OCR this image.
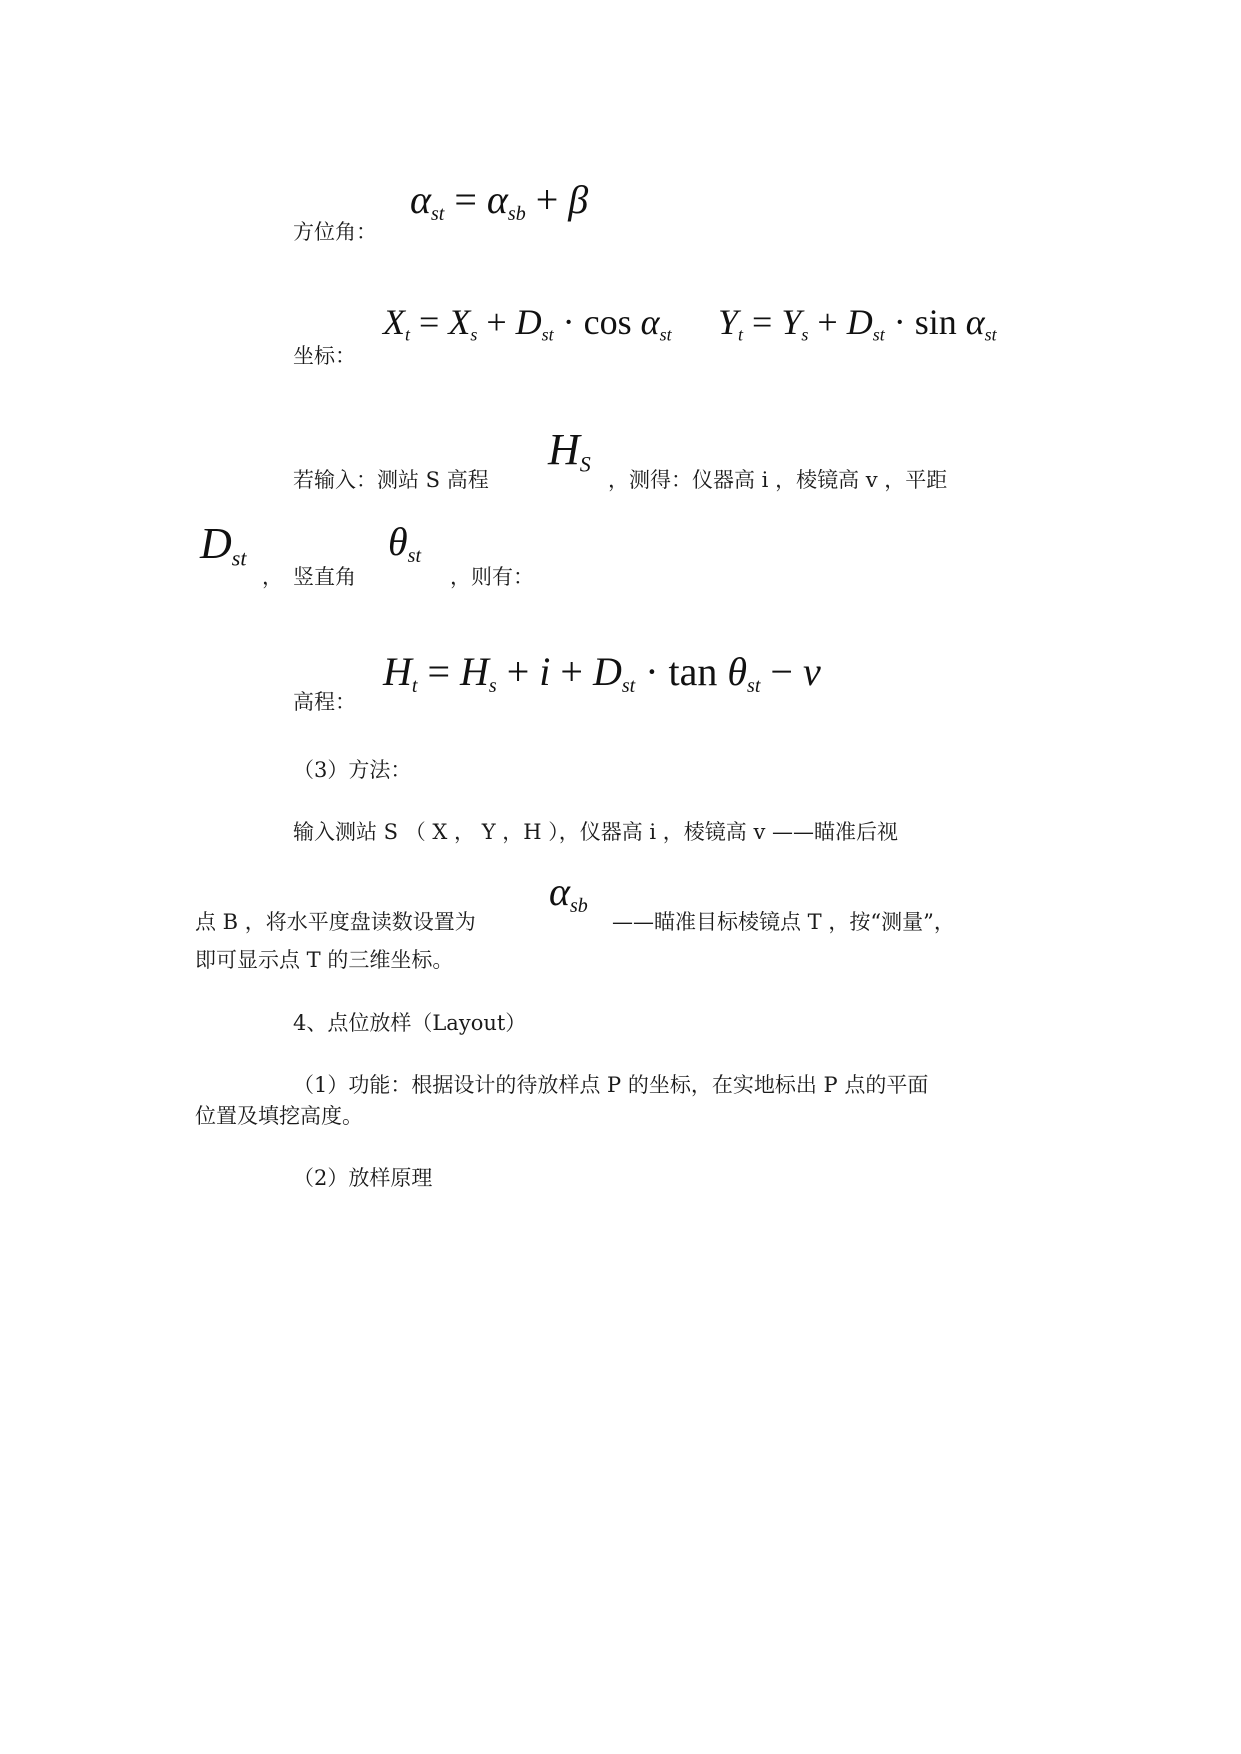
方位角：
$\alpha_{st} = \alpha_{sb} + \beta$
坐标：
$X_t = X_s + D_{st} \cdot \cos \alpha_{st}$ $Y_t = Y_s + D_{st} \cdot \sin \alpha_{st}$
若输入：测站 S 高程
$H_S$
，测得：仪器高 i ，棱镜高 v ，平距
$D_{st}$
， 竖直角
$\theta_{st}$
，则有：
高程：
$H_t = H_s + i + D_{st} \cdot \tan \theta_{st} - v$
（3）方法：
输入测站 S （ X ， Y ，H ），仪器高 i ，棱镜高 v ——瞄准后视
点 B ，将水平度盘读数设置为
$\alpha_{sb}$
——瞄准目标棱镜点 T ，按“测量”，
即可显示点 T 的三维坐标。
4、点位放样（Layout）
（1）功能：根据设计的待放样点 P 的坐标，在实地标出 P 点的平面
位置及填挖高度。
（2）放样原理
